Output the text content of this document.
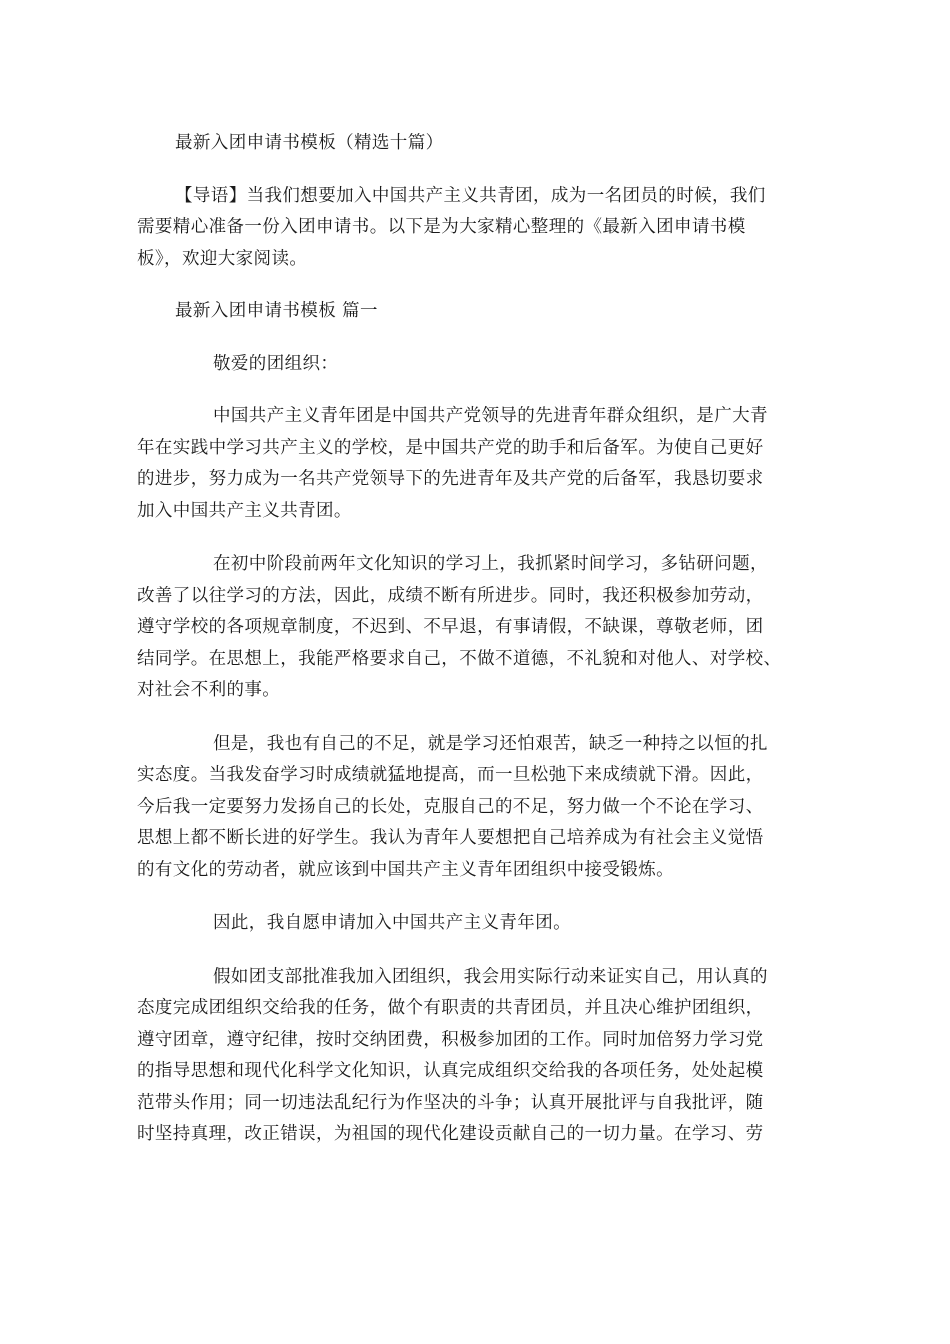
最新入团申请书模板（精选十篇）
【导语】当我们想要加入中国共产主义共青团，成为一名团员的时候，我们
需要精心准备一份入团申请书。以下是为大家精心整理的《最新入团申请书模
板》，欢迎大家阅读。
最新入团申请书模板 篇一
敬爱的团组织：
中国共产主义青年团是中国共产党领导的先进青年群众组织，是广大青
年在实践中学习共产主义的学校，是中国共产党的助手和后备军。为使自己更好
的进步，努力成为一名共产党领导下的先进青年及共产党的后备军，我恳切要求
加入中国共产主义共青团。
在初中阶段前两年文化知识的学习上，我抓紧时间学习，多钻研问题，
改善了以往学习的方法，因此，成绩不断有所进步。同时，我还积极参加劳动，
遵守学校的各项规章制度，不迟到、不早退，有事请假，不缺课，尊敬老师，团
结同学。在思想上，我能严格要求自己，不做不道德，不礼貌和对他人、对学校、
对社会不利的事。
但是，我也有自己的不足，就是学习还怕艰苦，缺乏一种持之以恒的扎
实态度。当我发奋学习时成绩就猛地提高，而一旦松弛下来成绩就下滑。因此，
今后我一定要努力发扬自己的长处，克服自己的不足，努力做一个不论在学习、
思想上都不断长进的好学生。我认为青年人要想把自己培养成为有社会主义觉悟
的有文化的劳动者，就应该到中国共产主义青年团组织中接受锻炼。
因此，我自愿申请加入中国共产主义青年团。
假如团支部批准我加入团组织，我会用实际行动来证实自己，用认真的
态度完成团组织交给我的任务，做个有职责的共青团员，并且决心维护团组织，
遵守团章，遵守纪律，按时交纳团费，积极参加团的工作。同时加倍努力学习党
的指导思想和现代化科学文化知识，认真完成组织交给我的各项任务，处处起模
范带头作用；同一切违法乱纪行为作坚决的斗争；认真开展批评与自我批评，随
时坚持真理，改正错误，为祖国的现代化建设贡献自己的一切力量。在学习、劳
